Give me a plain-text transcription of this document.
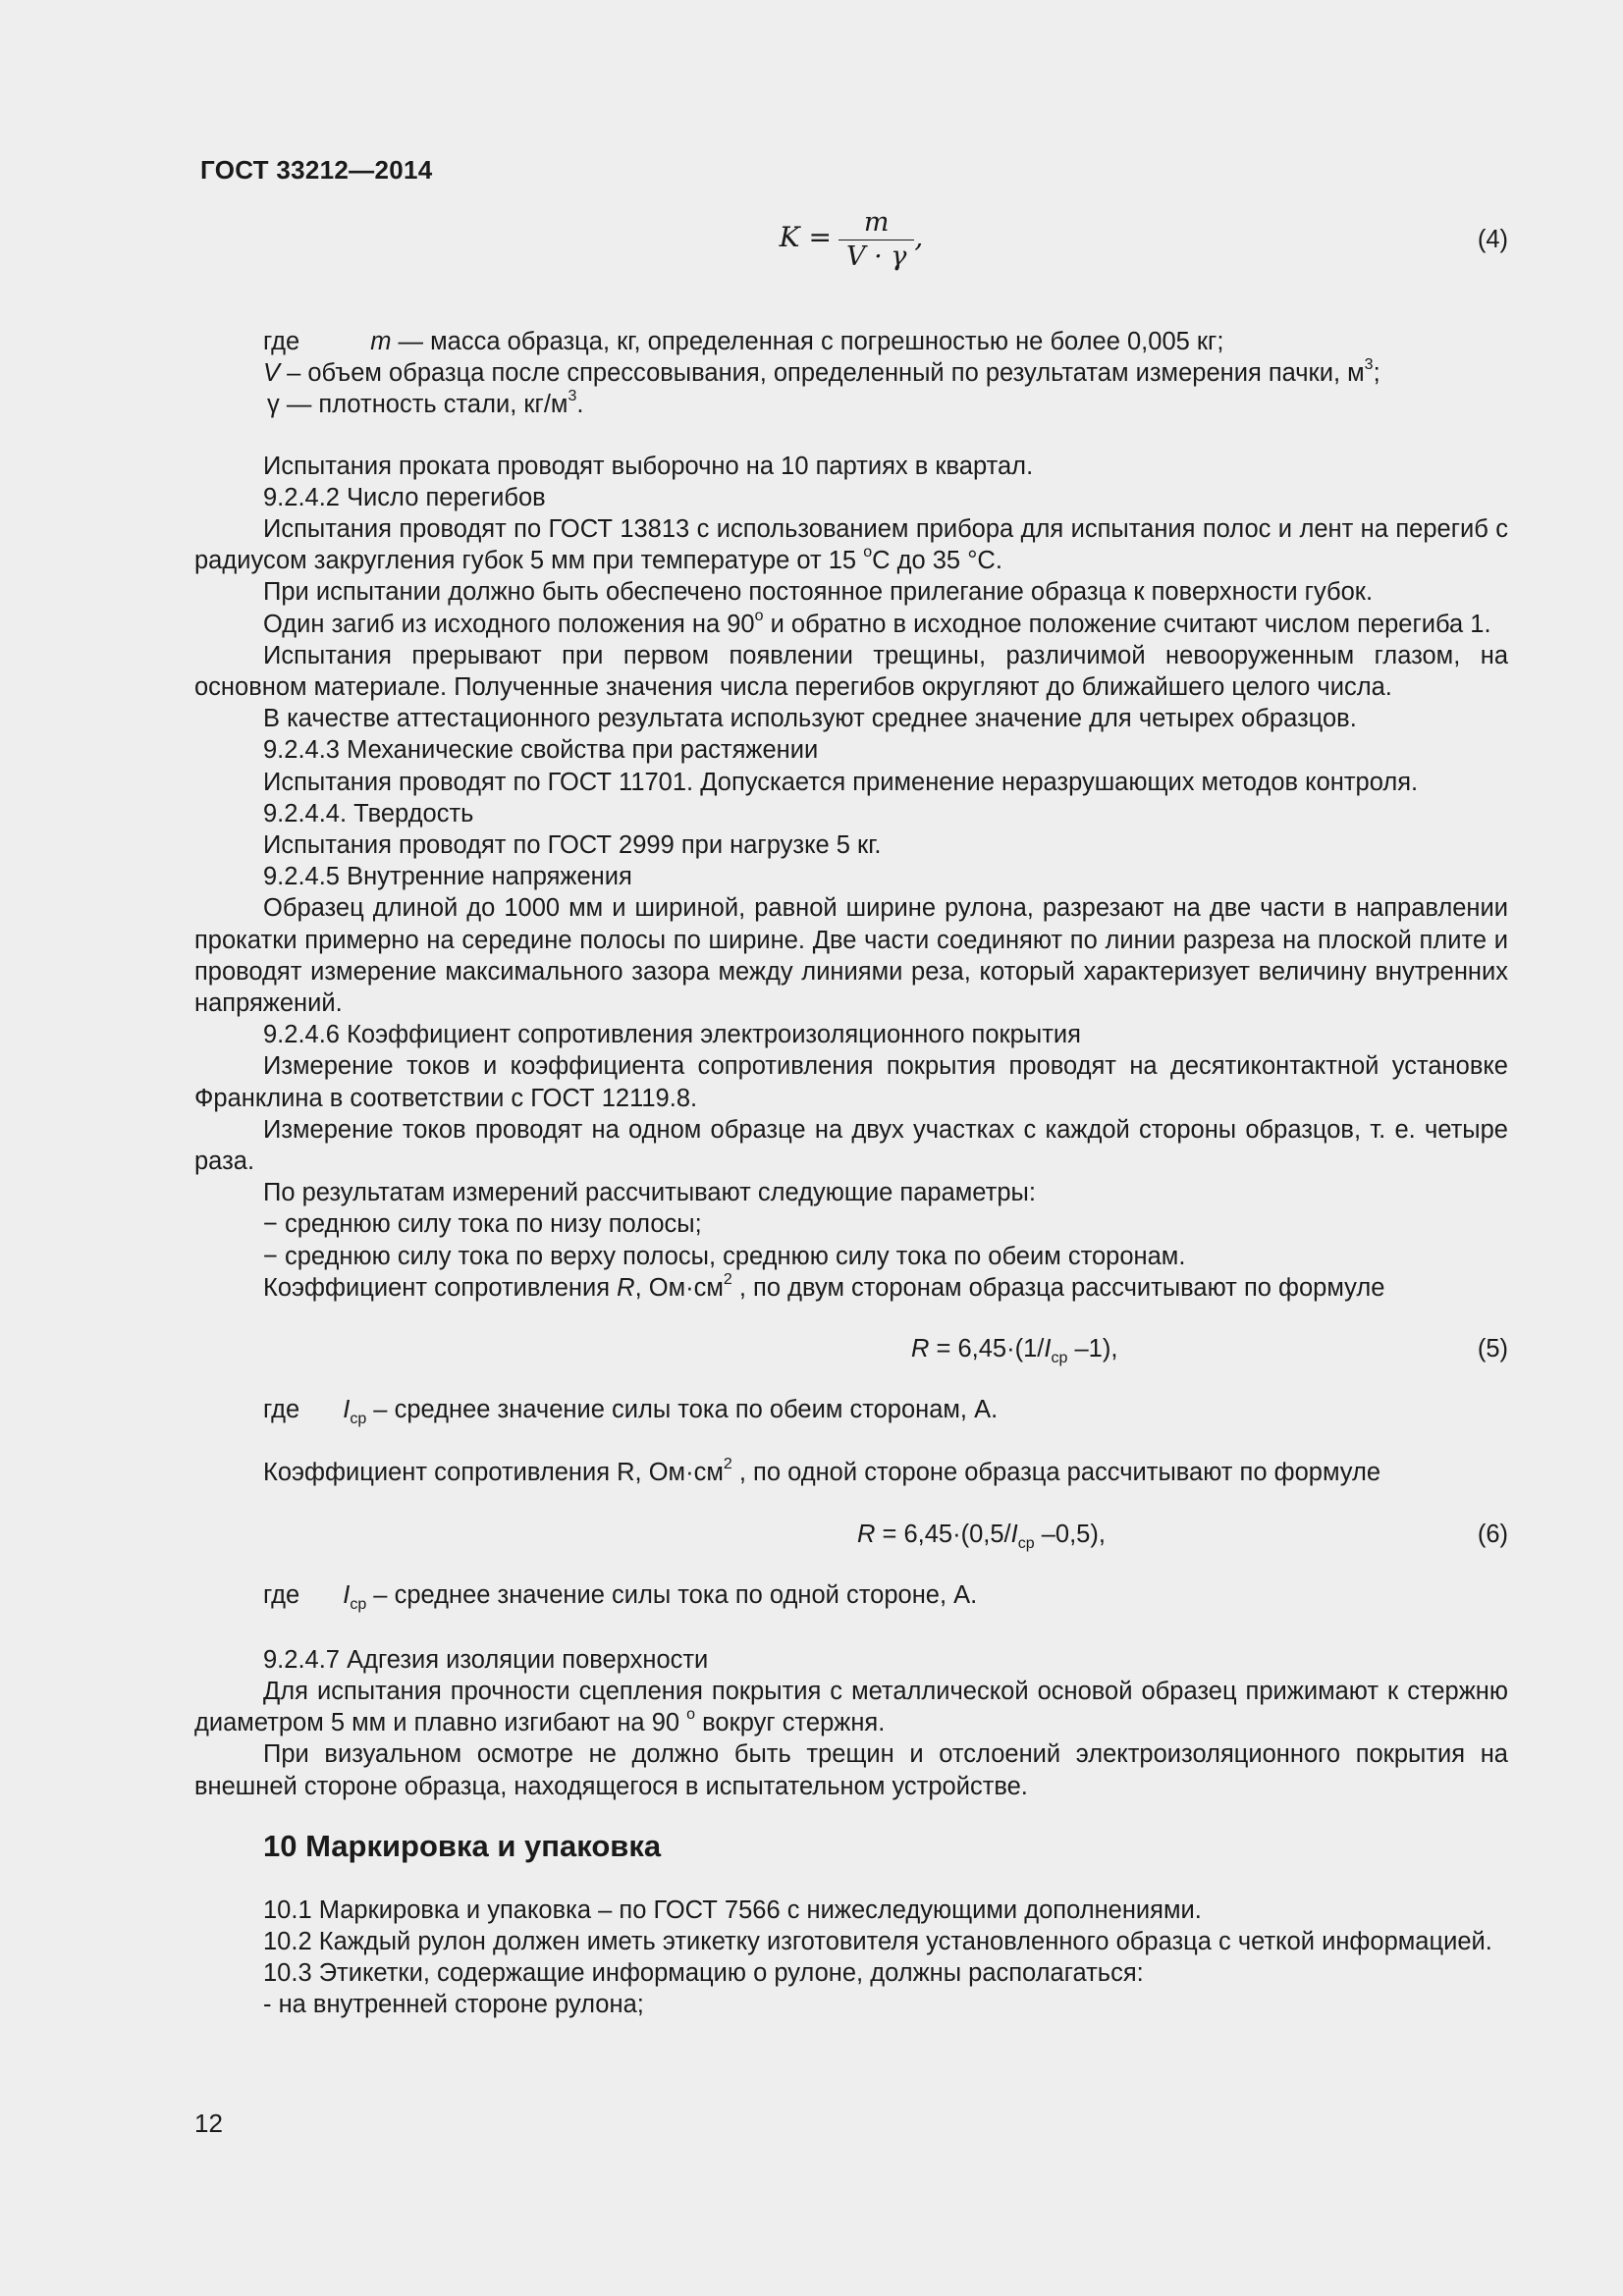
ГОСТ 33212—2014
$K = \frac{m}{V \cdot \gamma}$ ,	(4)

где	m — масса образца, кг, определенная с погрешностью не более 0,005 кг;

V – объем образца после спрессовывания, определенный по результатам измерения пачки, $м^3$;

γ — плотность стали, $кг/м^3$.

Испытания проката проводят выборочно на 10 партиях в квартал.

9.2.4.2 Число перегибов

Испытания проводят по ГОСТ 13813 с использованием прибора для испытания полос и лент на перегиб с радиусом закругления губок 5 мм при температуре от 15 $^o$С до 35 °С.

При испытании должно быть обеспечено постоянное прилегание образца к поверхности губок.

Один загиб из исходного положения на 90$^o$ и обратно в исходное положение считают числом перегиба 1.

Испытания прерывают при первом появлении трещины, различимой невооруженным глазом, на основном материале. Полученные значения числа перегибов округляют до ближайшего целого числа.

В качестве аттестационного результата используют среднее значение для четырех образцов.

9.2.4.3 Механические свойства при растяжении

Испытания проводят по ГОСТ 11701. Допускается применение неразрушающих методов контроля.

9.2.4.4. Твердость

Испытания проводят по ГОСТ 2999 при нагрузке 5 кг.

9.2.4.5 Внутренние напряжения

Образец длиной до 1000 мм и шириной, равной ширине рулона, разрезают на две части в направлении прокатки примерно на середине полосы по ширине. Две части соединяют по линии разреза на плоской плите и проводят измерение максимального зазора между линиями реза, который характеризует величину внутренних напряжений.

9.2.4.6 Коэффициент сопротивления электроизоляционного покрытия

Измерение токов и коэффициента сопротивления покрытия проводят на десятиконтактной установке Франклина в соответствии с ГОСТ 12119.8.

Измерение токов проводят на одном образце на двух участках с каждой стороны образцов, т. е. четыре раза.

По результатам измерений рассчитывают следующие параметры:

− среднюю силу тока по низу полосы;

− среднюю силу тока по верху полосы, среднюю силу тока по обеим сторонам.

Коэффициент сопротивления R, $Ом\cdot см^2$ , по двум сторонам образца рассчитывают по формуле

$R = 6,45\cdot(1/I_{ср}$ –1),	(5)

где $I_{ср}$ – среднее значение силы тока по обеим сторонам, А.

Коэффициент сопротивления R, $Ом\cdot см^2$ , по одной стороне образца рассчитывают по формуле

$R = 6,45\cdot(0,5/I_{ср}$ –0,5),	(6)

где $I_{ср}$ – среднее значение силы тока по одной стороне, А.

9.2.4.7 Адгезия изоляции поверхности

Для испытания прочности сцепления покрытия с металлической основой образец прижимают к стержню диаметром 5 мм и плавно изгибают на 90 $^о$ вокруг стержня.

При визуальном осмотре не должно быть трещин и отслоений электроизоляционного покрытия на внешней стороне образца, находящегося в испытательном устройстве.

10 Маркировка и упаковка

10.1 Маркировка и упаковка – по ГОСТ 7566 с нижеследующими дополнениями.

10.2 Каждый рулон должен иметь этикетку изготовителя установленного образца с четкой информацией.

10.3 Этикетки, содержащие информацию о рулоне, должны располагаться:

- на внутренней стороне рулона;

12
